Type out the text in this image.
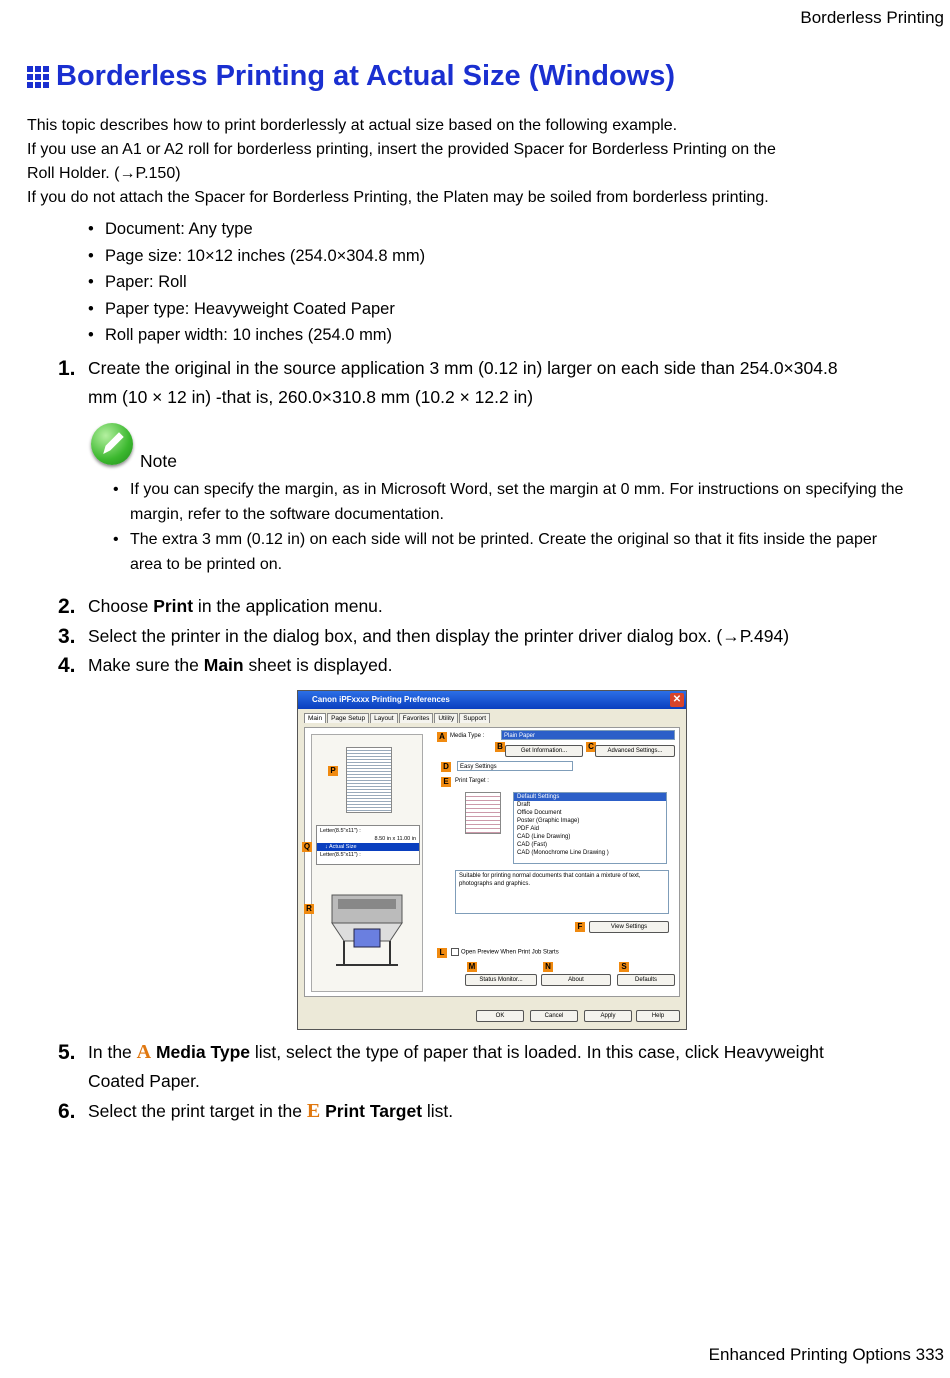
Borderless Printing
Borderless Printing at Actual Size (Windows)

This topic describes how to print borderlessly at actual size based on the following example.

If you use an A1 or A2 roll for borderless printing, insert the provided Spacer for Borderless Printing on the

Roll Holder. (→P.150)

If you do not attach the Spacer for Borderless Printing, the Platen may be soiled from borderless printing.

• Document: Any type
• Page size: 10×12 inches (254.0×304.8 mm)
• Paper: Roll
• Paper type: Heavyweight Coated Paper
• Roll paper width: 10 inches (254.0 mm)
1. Create the original in the source application 3 mm (0.12 in) larger on each side than 254.0×304.8
mm (10 × 12 in) -that is, 260.0×310.8 mm (10.2 × 12.2 in)
Note
• If you can specify the margin, as in Microsoft Word, set the margin at 0 mm. For instructions on specifying the margin, refer to the software documentation.
• The extra 3 mm (0.12 in) on each side will not be printed. Create the original so that it fits inside the paper area to be printed on.
2. Choose Print in the application menu.
3. Select the printer in the dialog box, and then display the printer driver dialog box. (→P.494)
4. Make sure the Main sheet is displayed.
Canon iPFxxxx Printing Preferences	✕
Main	Page Setup	Layout	Favorites	Utility	Support
Letter(8.5"x11") :
8.50 in x 11.00 in
↓ Actual Size
Letter(8.5"x11") :
P
Q
R
A Media Type :	Plain Paper
B	Get Information...	C	Advanced Settings...
D	Easy Settings
E	Print Target :
Default Settings
Draft
Office Document
Poster (Graphic Image)
PDF Aid
CAD (Line Drawing)
CAD (Fast)
CAD (Monochrome Line Drawing )
Suitable for printing normal documents that contain a mixture of text, photographs and graphics.
F	View Settings
L	Open Preview When Print Job Starts
M	N	S
Status Monitor...	About	Defaults
OK	Cancel	Apply	Help
5. In the A Media Type list, select the type of paper that is loaded. In this case, click Heavyweight
Coated Paper.
6. Select the print target in the E Print Target list.
Enhanced Printing Options 333
